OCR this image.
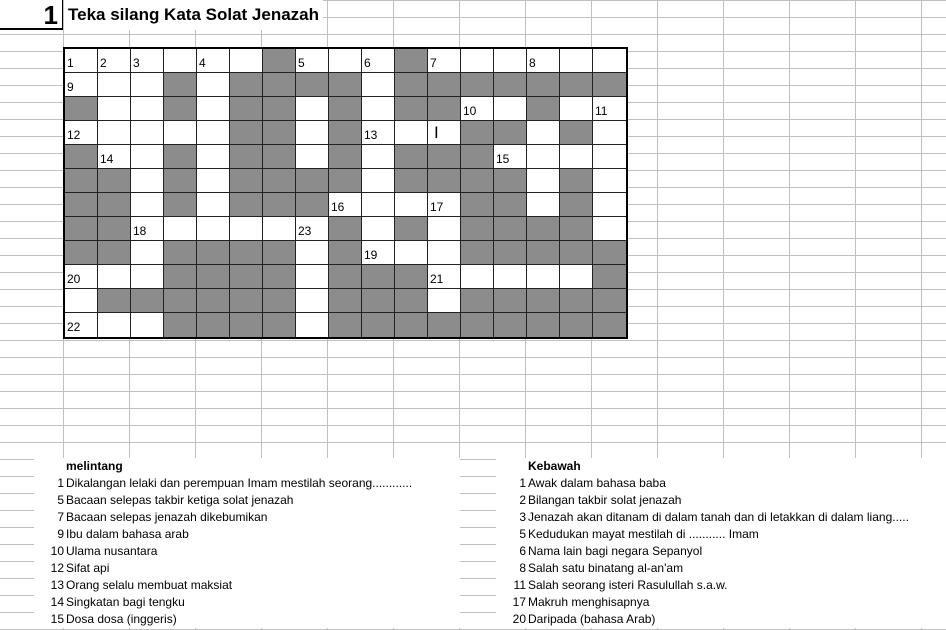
1 Teka silang Kata Solat Jenazah
1 2 3	4	5	6	7	8
9
10	11
12	13	I
14	15
16	17
18	23
19
20	21
22
melintang
1 Dikalangan lelaki dan perempuan Imam mestilah seorang............
5 Bacaan selepas takbir ketiga solat jenazah
7 Bacaan selepas jenazah dikebumikan
9 Ibu dalam bahasa arab
10 Ulama nusantara
12 Sifat api
13 Orang selalu membuat maksiat
14 Singkatan bagi tengku
15 Dosa dosa (inggeris)
Kebawah
1 Awak dalam bahasa baba
2 Bilangan takbir solat jenazah
3 Jenazah akan ditanam di dalam tanah dan di letakkan di dalam liang.....
5 Kedudukan mayat mestilah di ........... Imam
6 Nama lain bagi negara Sepanyol
8 Salah satu binatang al-an'am
11 Salah seorang isteri Rasulullah s.a.w.
17 Makruh menghisapnya
20 Daripada (bahasa Arab)
